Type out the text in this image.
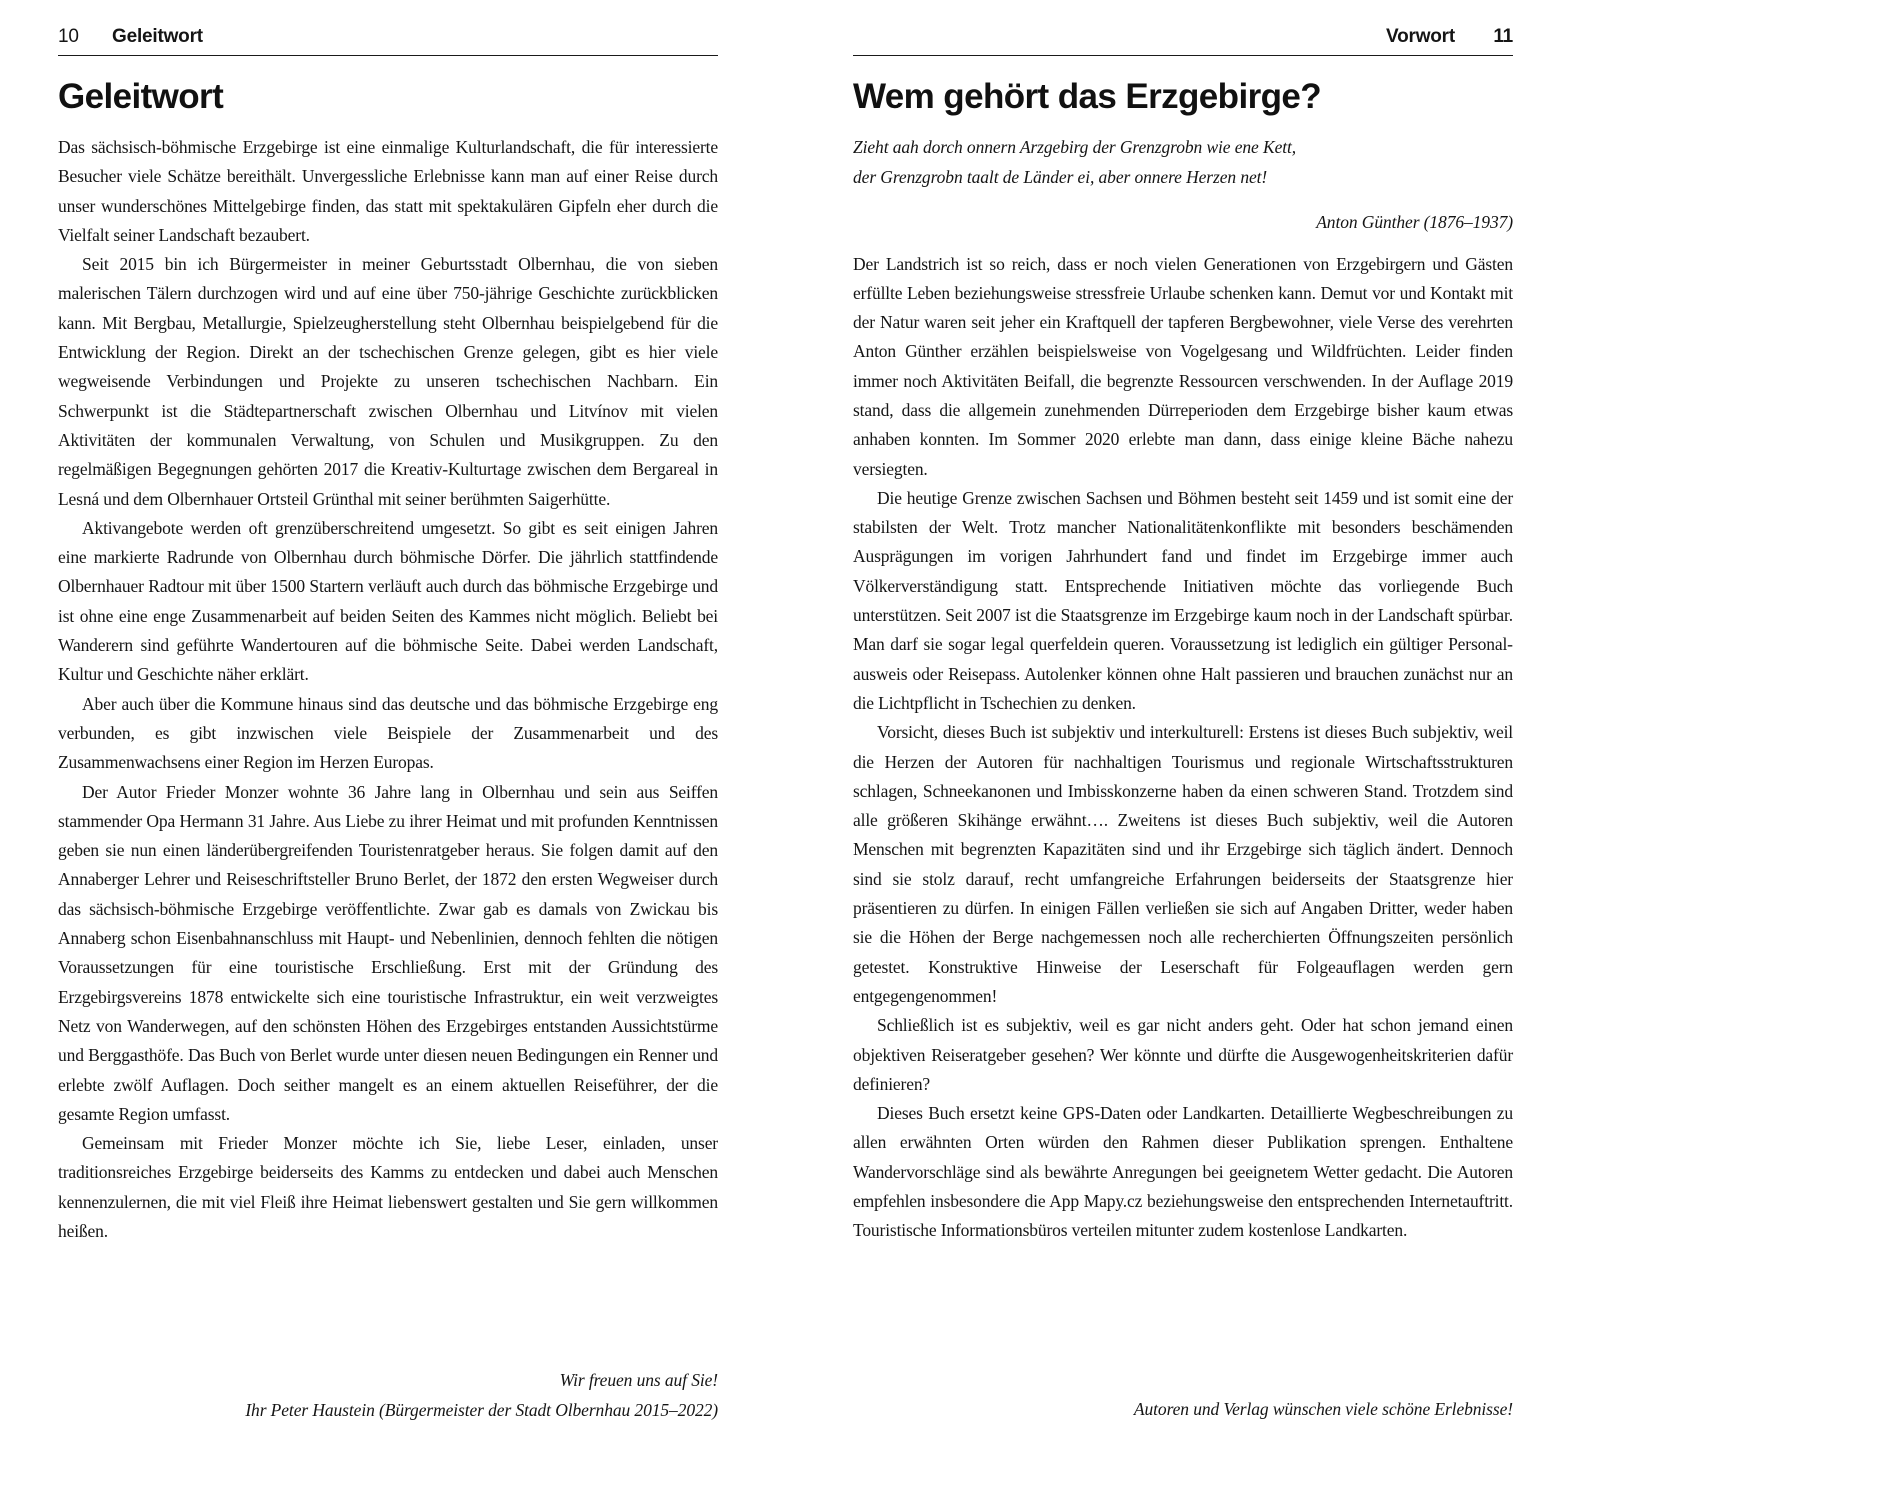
10	Geleitwort
Geleitwort

Das sächsisch-böhmische Erzgebirge ist eine einmalige Kulturlandschaft, die für interessierte Besucher viele Schätze bereithält. Unvergessliche Erlebnisse kann man auf einer Reise durch unser wunderschönes Mittelgebirge finden, das statt mit spektakulären Gipfeln eher durch die Vielfalt seiner Landschaft bezaubert.

Seit 2015 bin ich Bürgermeister in meiner Geburtsstadt Olbernhau, die von sieben malerischen Tälern durchzogen wird und auf eine über 750-jährige Geschichte zurückblicken kann. Mit Bergbau, Metallurgie, Spielzeugherstellung steht Olbernhau beispielgebend für die Entwicklung der Region. Direkt an der tschechischen Grenze gelegen, gibt es hier viele wegweisende Verbindungen und Projekte zu unseren tschechischen Nachbarn. Ein Schwerpunkt ist die Städtepartnerschaft zwischen Olbernhau und Litvínov mit vielen Aktivitäten der kommunalen Verwaltung, von Schulen und Musikgruppen. Zu den regelmäßigen Begegnungen gehörten 2017 die Kreativ-Kulturtage zwischen dem Bergareal in Lesná und dem Olbernhauer Ortsteil Grünthal mit seiner berühmten Saigerhütte.

Aktivangebote werden oft grenzüberschreitend umgesetzt. So gibt es seit einigen Jahren eine markierte Radrunde von Olbernhau durch böhmische Dörfer. Die jährlich stattfindende Olbernhauer Radtour mit über 1500 Startern verläuft auch durch das böhmische Erzgebirge und ist ohne eine enge Zusammenarbeit auf beiden Seiten des Kammes nicht möglich. Beliebt bei Wanderern sind geführte Wandertouren auf die böhmische Seite. Dabei werden Landschaft, Kultur und Geschichte näher erklärt.

Aber auch über die Kommune hinaus sind das deutsche und das böhmische Erzgebirge eng verbunden, es gibt inzwischen viele Beispiele der Zusammenarbeit und des Zusammenwachsens einer Region im Herzen Europas.

Der Autor Frieder Monzer wohnte 36 Jahre lang in Olbernhau und sein aus Seiffen stammender Opa Hermann 31 Jahre. Aus Liebe zu ihrer Heimat und mit profunden Kenntnissen geben sie nun einen länderübergreifenden Touristenratgeber heraus. Sie folgen damit auf den Annaberger Lehrer und Reiseschriftsteller Bruno Berlet, der 1872 den ersten Wegweiser durch das sächsisch-böhmische Erzgebirge veröffentlichte. Zwar gab es damals von Zwickau bis Annaberg schon Eisenbahnanschluss mit Haupt- und Nebenlinien, dennoch fehlten die nötigen Voraussetzungen für eine touristische Erschließung. Erst mit der Gründung des Erzgebirgsvereins 1878 entwickelte sich eine touristische Infrastruktur, ein weit verzweigtes Netz von Wanderwegen, auf den schönsten Höhen des Erzgebirges entstanden Aussichtstürme und Berggasthöfe. Das Buch von Berlet wurde unter diesen neuen Bedingungen ein Renner und erlebte zwölf Auflagen. Doch seither mangelt es an einem aktuellen Reiseführer, der die gesamte Region umfasst.

Gemeinsam mit Frieder Monzer möchte ich Sie, liebe Leser, einladen, unser traditionsreiches Erzgebirge beiderseits des Kamms zu entdecken und dabei auch Menschen kennenzulernen, die mit viel Fleiß ihre Heimat liebenswert gestalten und Sie gern willkommen heißen.

Wir freuen uns auf Sie!

Ihr Peter Haustein (Bürgermeister der Stadt Olbernhau 2015–2022)

Vorwort	11
Wem gehört das Erzgebirge?

Zieht aah dorch onnern Arzgebirg der Grenzgrobn wie ene Kett,

der Grenzgrobn taalt de Länder ei, aber onnere Herzen net!

Anton Günther (1876–1937)

Der Landstrich ist so reich, dass er noch vielen Generationen von Erzgebirgern und Gästen erfüllte Leben beziehungsweise stressfreie Urlaube schenken kann. Demut vor und Kontakt mit der Natur waren seit jeher ein Kraftquell der tapferen Bergbewohner, viele Verse des verehrten Anton Günther erzählen beispielsweise von Vogelgesang und Wildfrüchten. Leider finden immer noch Aktivitäten Beifall, die begrenzte Ressourcen verschwenden. In der Auflage 2019 stand, dass die allgemein zunehmenden Dürreperioden dem Erzgebirge bisher kaum etwas anhaben konnten. Im Sommer 2020 erlebte man dann, dass einige kleine Bäche nahezu versiegten.

Die heutige Grenze zwischen Sachsen und Böhmen besteht seit 1459 und ist somit eine der stabilsten der Welt. Trotz mancher Nationalitätenkonflikte mit besonders beschämenden Ausprägungen im vorigen Jahrhundert fand und findet im Erzgebirge immer auch Völkerverständigung statt. Entsprechende Initiativen möchte das vorliegende Buch unterstützen. Seit 2007 ist die Staatsgrenze im Erzgebirge kaum noch in der Landschaft spürbar. Man darf sie sogar legal querfeldein queren. Voraussetzung ist lediglich ein gültiger Personalausweis oder Reisepass. Autolenker können ohne Halt passieren und brauchen zunächst nur an die Lichtpflicht in Tschechien zu denken.

Vorsicht, dieses Buch ist subjektiv und interkulturell: Erstens ist dieses Buch subjektiv, weil die Herzen der Autoren für nachhaltigen Tourismus und regionale Wirtschaftsstrukturen schlagen, Schneekanonen und Imbisskonzerne haben da einen schweren Stand. Trotzdem sind alle größeren Skihänge erwähnt…. Zweitens ist dieses Buch subjektiv, weil die Autoren Menschen mit begrenzten Kapazitäten sind und ihr Erzgebirge sich täglich ändert. Dennoch sind sie stolz darauf, recht umfangreiche Erfahrungen beiderseits der Staatsgrenze hier präsentieren zu dürfen. In einigen Fällen verließen sie sich auf Angaben Dritter, weder haben sie die Höhen der Berge nachgemessen noch alle recherchierten Öffnungszeiten persönlich getestet. Konstruktive Hinweise der Leserschaft für Folgeauflagen werden gern entgegengenommen!

Schließlich ist es subjektiv, weil es gar nicht anders geht. Oder hat schon jemand einen objektiven Reiseratgeber gesehen? Wer könnte und dürfte die Ausgewogenheitskriterien dafür definieren?

Dieses Buch ersetzt keine GPS-Daten oder Landkarten. Detaillierte Wegbeschreibungen zu allen erwähnten Orten würden den Rahmen dieser Publikation sprengen. Enthaltene Wandervorschläge sind als bewährte Anregungen bei geeignetem Wetter gedacht. Die Autoren empfehlen insbesondere die App Mapy.cz beziehungsweise den entsprechenden Internetauftritt. Touristische Informationsbüros verteilen mitunter zudem kostenlose Landkarten.

Autoren und Verlag wünschen viele schöne Erlebnisse!
